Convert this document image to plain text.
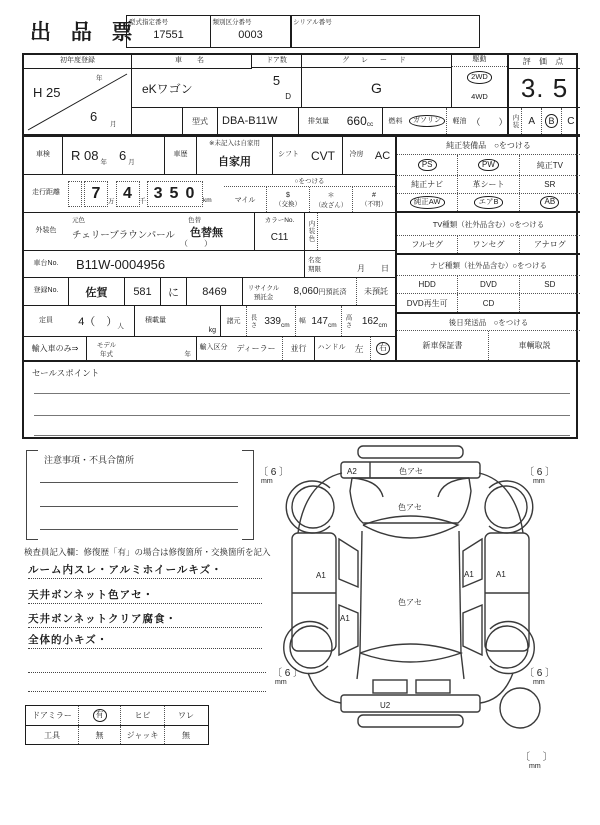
出 品 票
型式指定番号
17551
類別区分番号
0003
シリアル番号
初年度登録
年
H 25
6
月
車　名
eKワゴン
ドア数
5
D
グ レ ー ド
G
駆動
2WD
4WD
型式	DBA-B11W	排気量	660 cc	燃料	ガソリン	軽油 （　　）
評 価 点
3. 5
内装 A	B	C
車検	R 08 年 6 月
車歴
※未記入は自家用
自家用
シフト	CVT	冷房	AC
走行距離	7	万 4	千 350 km
○をつける
マイル
$
（交換）
＊
（改ざん）
#
（不明）
外装色
元色
チェリーブラウンパール
色替
色替無
（　　）
カラーNo.
C11	内装色
車台No.	B11W-0004956	名変
期限	月　　日
登録No.	佐賀	581	に	8469	リサイクル
預託金 8,060 円預託済	未預託
定員	4（　） 人
積載量
kg
諸元	長さ 339 cm
幅 147 cm	高さ 162 cm
輸入車のみ⇒	モデル
年式	年
輸入区分	ディーラー	並行	ハンドル 左	右
セールスポイント
純正装備品　○をつける
PS	PW	純正TV
純正ナビ	革シート	SR
純正AW	エアB	AB
TV種類（社外品含む）○をつける
フルセグ	ワンセグ	アナログ
ナビ種類（社外品含む）○をつける
HDD	DVD	SD
DVD再生可	CD
後日発送品　○をつける
新車保証書	車輌取説
注意事項・不具合箇所
検査員記入欄：修復歴「有」の場合は修復箇所・交換箇所を記入
ルーム内スレ・アルミホイールキズ・
天井ボンネット色アセ・
天井ボンネットクリア腐食・
全体的小キズ・
ドアミラー	有	ヒビ	ワレ
工具	無	ジャッキ	無
A2	色アセ
色アセ
色アセ
A1
A1
A1	A1
U2
〔 6 〕
mm
〔 6 〕
mm
〔 6 〕
mm
〔 6 〕
mm
〔　 〕
mm
